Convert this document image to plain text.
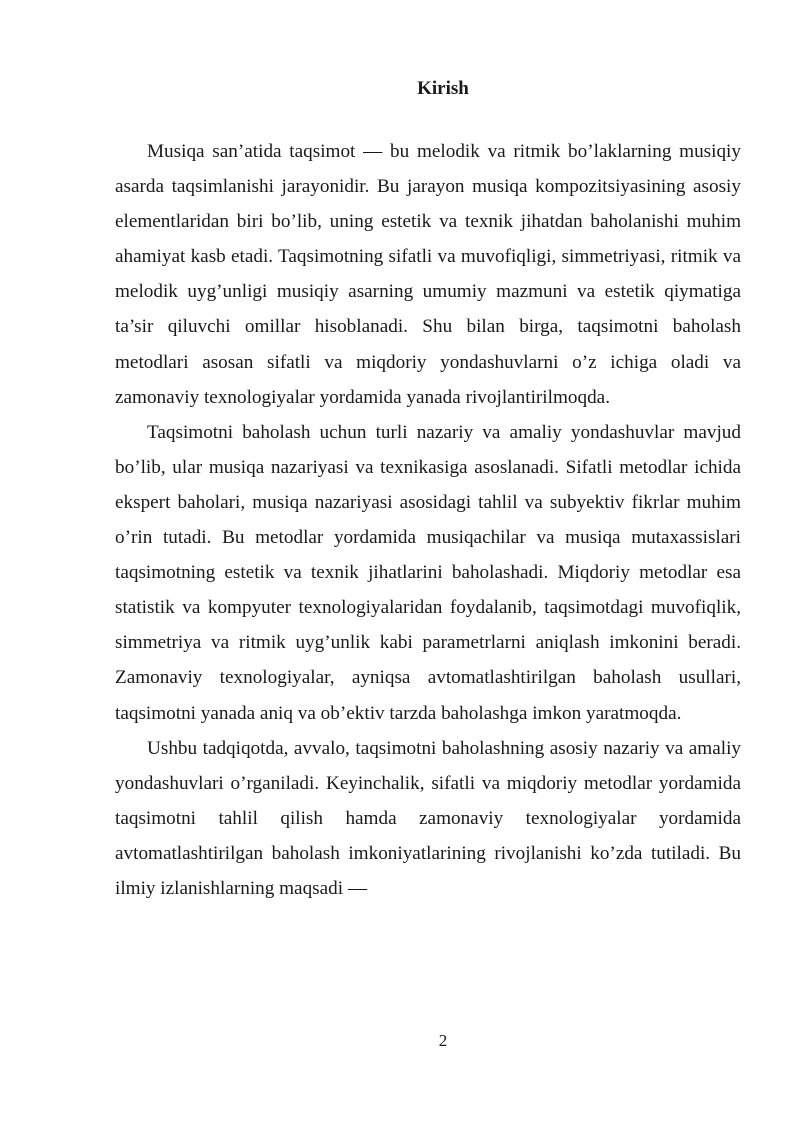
Kirish

Musiqa san’atida taqsimot — bu melodik va ritmik bo’laklarning musiqiy asarda taqsimlanishi jarayonidir. Bu jarayon musiqa kompozitsiyasining asosiy elementlaridan biri bo’lib, uning estetik va texnik jihatdan baholanishi muhim ahamiyat kasb etadi. Taqsimotning sifatli va muvofiqligi, simmetriyasi, ritmik va melodik uyg’unligi musiqiy asarning umumiy mazmuni va estetik qiymatiga ta’sir qiluvchi omillar hisoblanadi. Shu bilan birga, taqsimotni baholash metodlari asosan sifatli va miqdoriy yondashuvlarni o’z ichiga oladi va zamonaviy texnologiyalar yordamida yanada rivojlantirilmoqda.

Taqsimotni baholash uchun turli nazariy va amaliy yondashuvlar mavjud bo’lib, ular musiqa nazariyasi va texnikasiga asoslanadi. Sifatli metodlar ichida ekspert baholari, musiqa nazariyasi asosidagi tahlil va subyektiv fikrlar muhim o’rin tutadi. Bu metodlar yordamida musiqachilar va musiqa mutaxassislari taqsimotning estetik va texnik jihatlarini baholashadi. Miqdoriy metodlar esa statistik va kompyuter texnologiyalaridan foydalanib, taqsimotdagi muvofiqlik, simmetriya va ritmik uyg’unlik kabi parametrlarni aniqlash imkonini beradi. Zamonaviy texnologiyalar, ayniqsa avtomatlashtirilgan baholash usullari, taqsimotni yanada aniq va ob’ektiv tarzda baholashga imkon yaratmoqda.

Ushbu tadqiqotda, avvalo, taqsimotni baholashning asosiy nazariy va amaliy yondashuvlari o’rganiladi. Keyinchalik, sifatli va miqdoriy metodlar yordamida taqsimotni tahlil qilish hamda zamonaviy texnologiyalar yordamida avtomatlashtirilgan baholash imkoniyatlarining rivojlanishi ko’zda tutiladi. Bu ilmiy izlanishlarning maqsadi —

2
